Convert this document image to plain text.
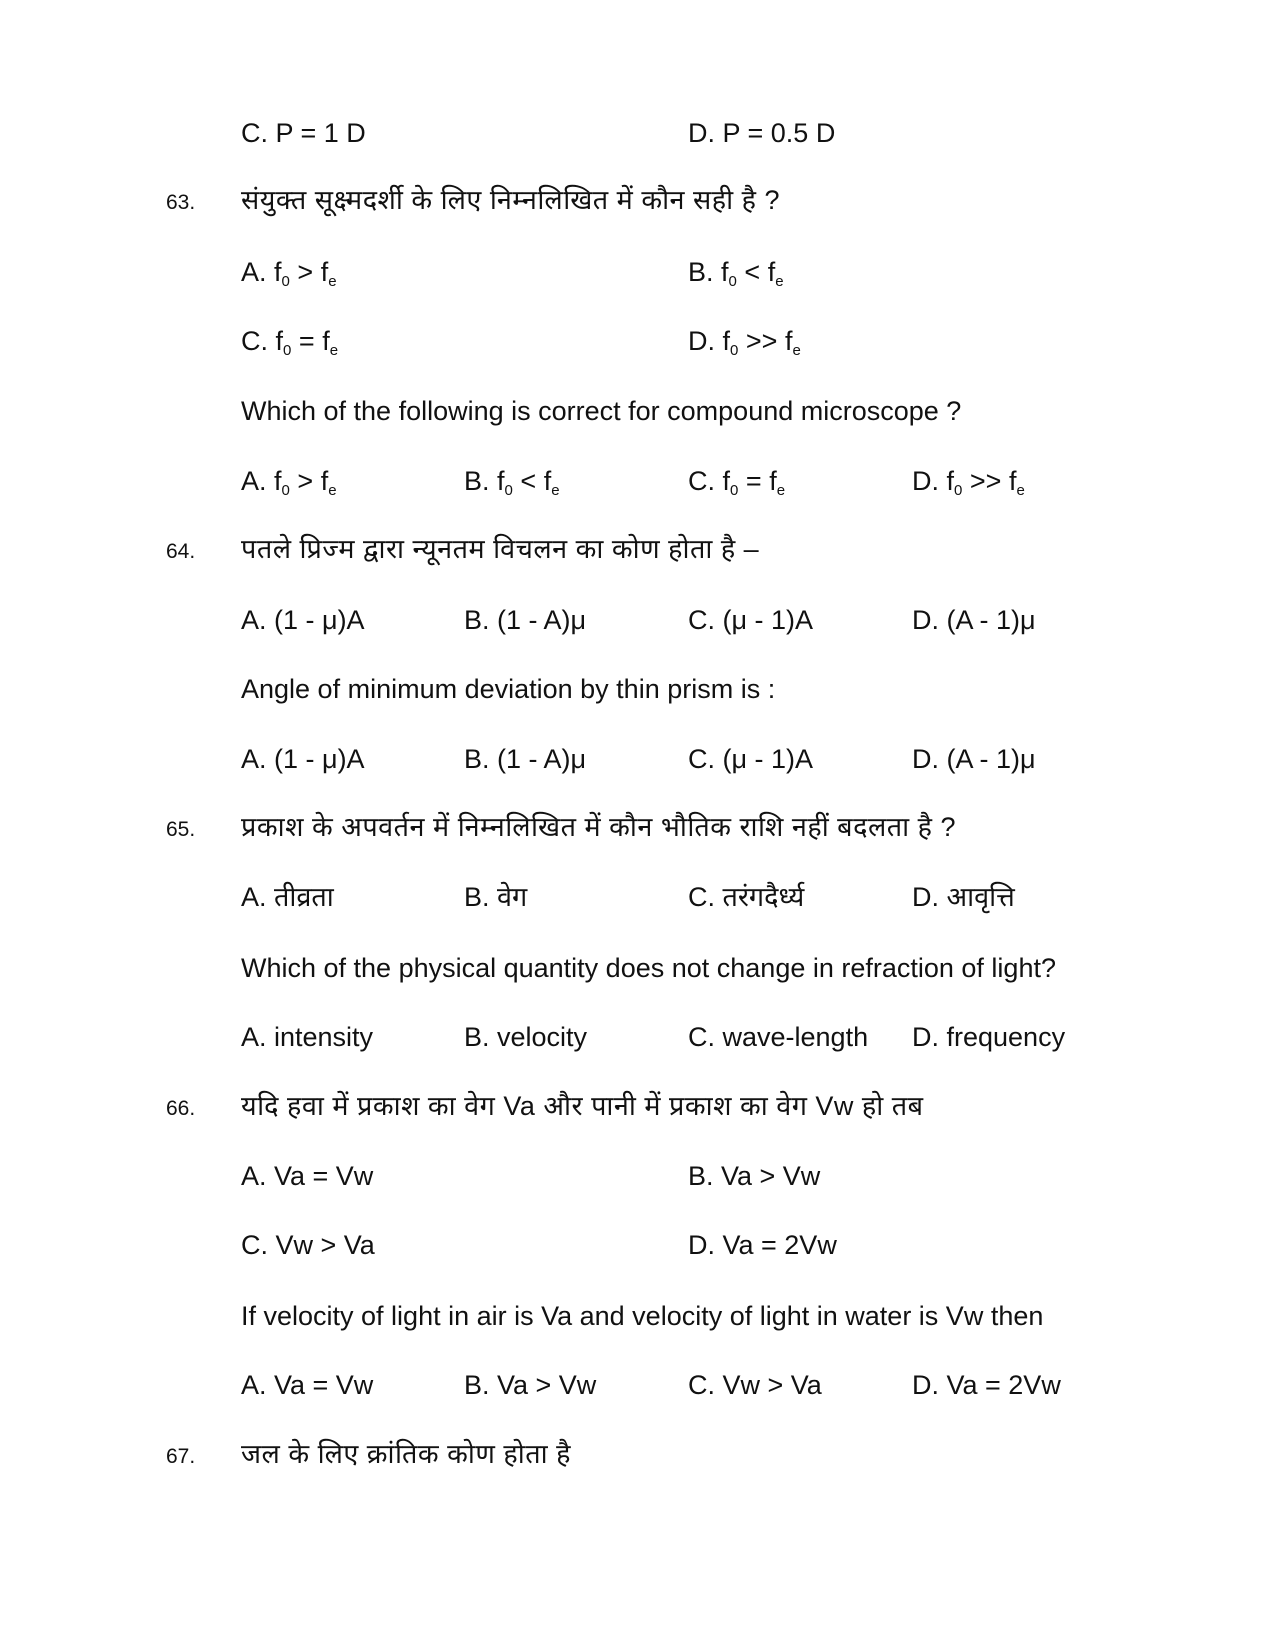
C. P = 1 D	D. P = 0.5 D
63. संयुक्त सूक्ष्मदर्शी के लिए निम्नलिखित में कौन सही है ?
A. $f_0 > f_e$	B. $f_0 < f_e$
C. $f_0 = f_e$	D. $f_0 >> f_e$
Which of the following is correct for compound microscope ?
A. $f_0 > f_e$	B. $f_0 < f_e$	C. $f_0 = f_e$	D. $f_0 >> f_e$
64. पतले प्रिज्म द्वारा न्यूनतम विचलन का कोण होता है –
A. (1 - μ)A	B. (1 - A)μ	C. (μ - 1)A	D. (A - 1)μ
Angle of minimum deviation by thin prism is :
A. (1 - μ)A	B. (1 - A)μ	C. (μ - 1)A	D. (A - 1)μ
65. प्रकाश के अपवर्तन में निम्नलिखित में कौन भौतिक राशि नहीं बदलता है ?
A. तीव्रता	B. वेग	C. तरंगदैर्ध्य	D. आवृत्ति
Which of the physical quantity does not change in refraction of light?
A. intensity	B. velocity	C. wave-length D. frequency
66. यदि हवा में प्रकाश का वेग Va और पानी में प्रकाश का वेग Vw हो तब
A. Va = Vw	B. Va > Vw
C. Vw > Va	D. Va = 2Vw
If velocity of light in air is Va and velocity of light in water is Vw then
A. Va = Vw	B. Va > Vw	C. Vw > Va	D. Va = 2Vw
67. जल के लिए क्रांतिक कोण होता है
